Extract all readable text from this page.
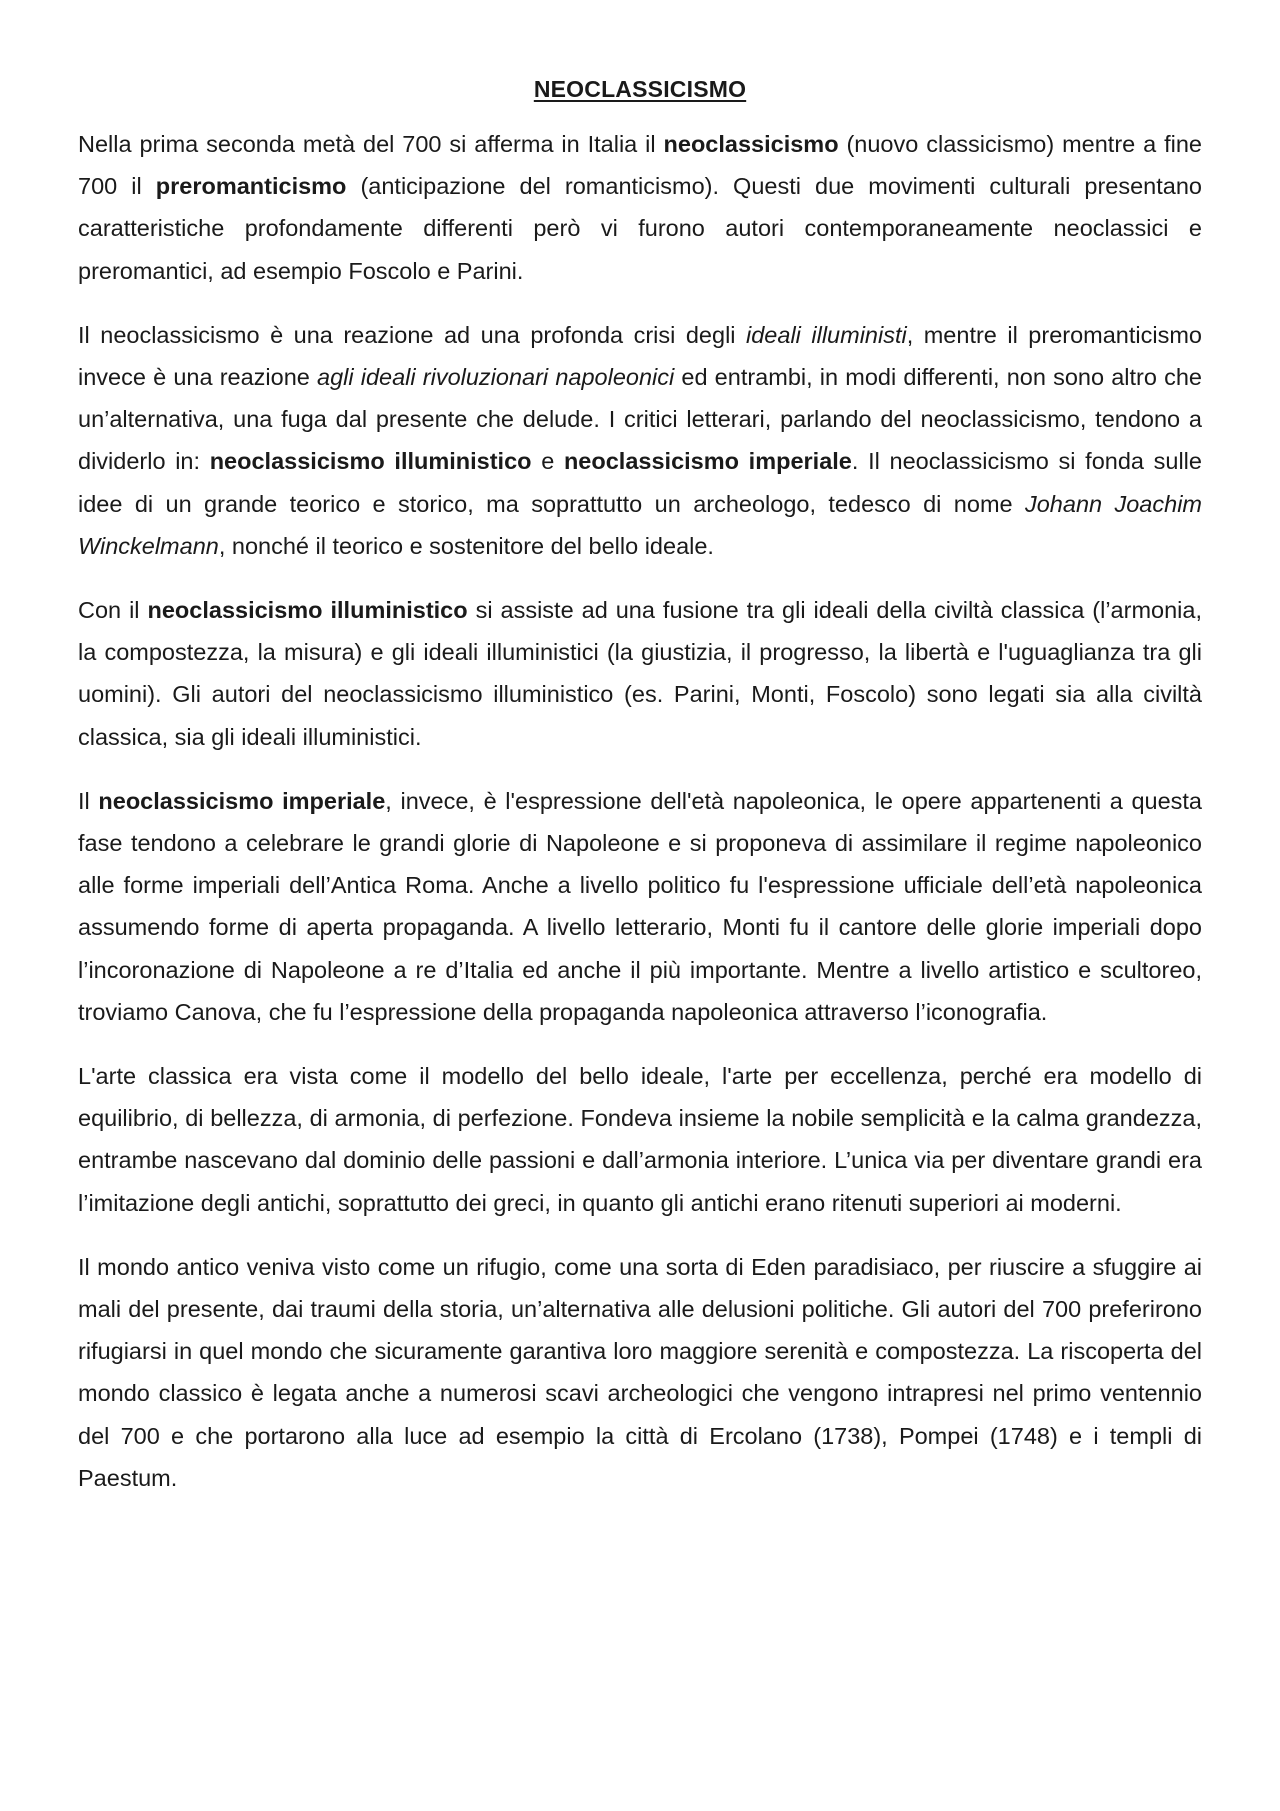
NEOCLASSICISMO

Nella prima seconda metà del 700 si afferma in Italia il neoclassicismo (nuovo classicismo) mentre a fine 700 il preromanticismo (anticipazione del romanticismo). Questi due movimenti culturali presentano caratteristiche profondamente differenti però vi furono autori contemporaneamente neoclassici e preromantici, ad esempio Foscolo e Parini.

Il neoclassicismo è una reazione ad una profonda crisi degli ideali illuministi, mentre il preromanticismo invece è una reazione agli ideali rivoluzionari napoleonici ed entrambi, in modi differenti, non sono altro che un’alternativa, una fuga dal presente che delude. I critici letterari, parlando del neoclassicismo, tendono a dividerlo in: neoclassicismo illuministico e neoclassicismo imperiale. Il neoclassicismo si fonda sulle idee di un grande teorico e storico, ma soprattutto un archeologo, tedesco di nome Johann Joachim Winckelmann, nonché il teorico e sostenitore del bello ideale.

Con il neoclassicismo illuministico si assiste ad una fusione tra gli ideali della civiltà classica (l’armonia, la compostezza, la misura) e gli ideali illuministici (la giustizia, il progresso, la libertà e l'uguaglianza tra gli uomini). Gli autori del neoclassicismo illuministico (es. Parini, Monti, Foscolo) sono legati sia alla civiltà classica, sia gli ideali illuministici.

Il neoclassicismo imperiale, invece, è l'espressione dell'età napoleonica, le opere appartenenti a questa fase tendono a celebrare le grandi glorie di Napoleone e si proponeva di assimilare il regime napoleonico alle forme imperiali dell’Antica Roma. Anche a livello politico fu l'espressione ufficiale dell’età napoleonica assumendo forme di aperta propaganda. A livello letterario, Monti fu il cantore delle glorie imperiali dopo l’incoronazione di Napoleone a re d’Italia ed anche il più importante. Mentre a livello artistico e scultoreo, troviamo Canova, che fu l’espressione della propaganda napoleonica attraverso l’iconografia.

L'arte classica era vista come il modello del bello ideale, l'arte per eccellenza, perché era modello di equilibrio, di bellezza, di armonia, di perfezione. Fondeva insieme la nobile semplicità e la calma grandezza, entrambe nascevano dal dominio delle passioni e dall’armonia interiore. L’unica via per diventare grandi era l’imitazione degli antichi, soprattutto dei greci, in quanto gli antichi erano ritenuti superiori ai moderni.

Il mondo antico veniva visto come un rifugio, come una sorta di Eden paradisiaco, per riuscire a sfuggire ai mali del presente, dai traumi della storia, un’alternativa alle delusioni politiche. Gli autori del 700 preferirono rifugiarsi in quel mondo che sicuramente garantiva loro maggiore serenità e compostezza. La riscoperta del mondo classico è legata anche a numerosi scavi archeologici che vengono intrapresi nel primo ventennio del 700 e che portarono alla luce ad esempio la città di Ercolano (1738), Pompei (1748) e i templi di Paestum.
